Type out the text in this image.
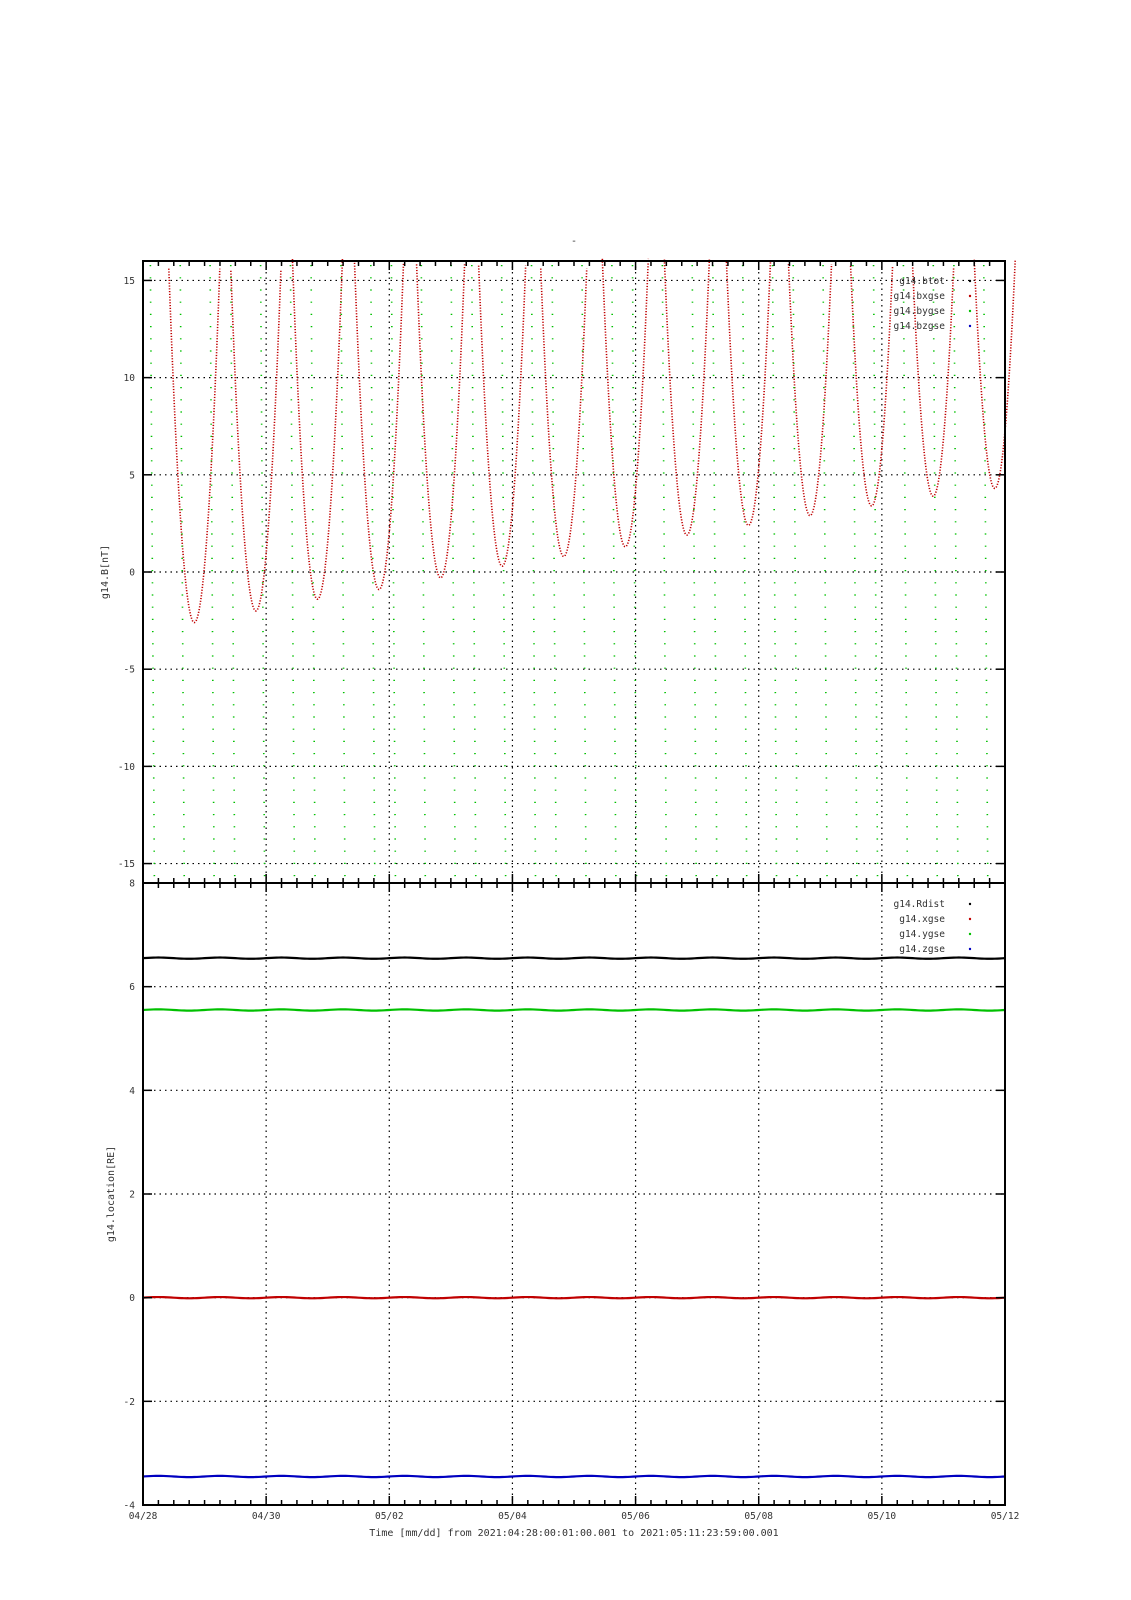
-
-15
-10
-5
0
5
10
15
g14.B[nT]
g14.btot
g14.bxgse
g14.bygse
g14.bzgse
-4
-2
0
2
4
6
8
g14.location[RE]
g14.Rdist
g14.xgse
g14.ygse
g14.zgse
04/28	04/30	05/02	05/04	05/06	05/08	05/10	05/12
Time [mm/dd] from 2021:04:28:00:01:00.001 to 2021:05:11:23:59:00.001
